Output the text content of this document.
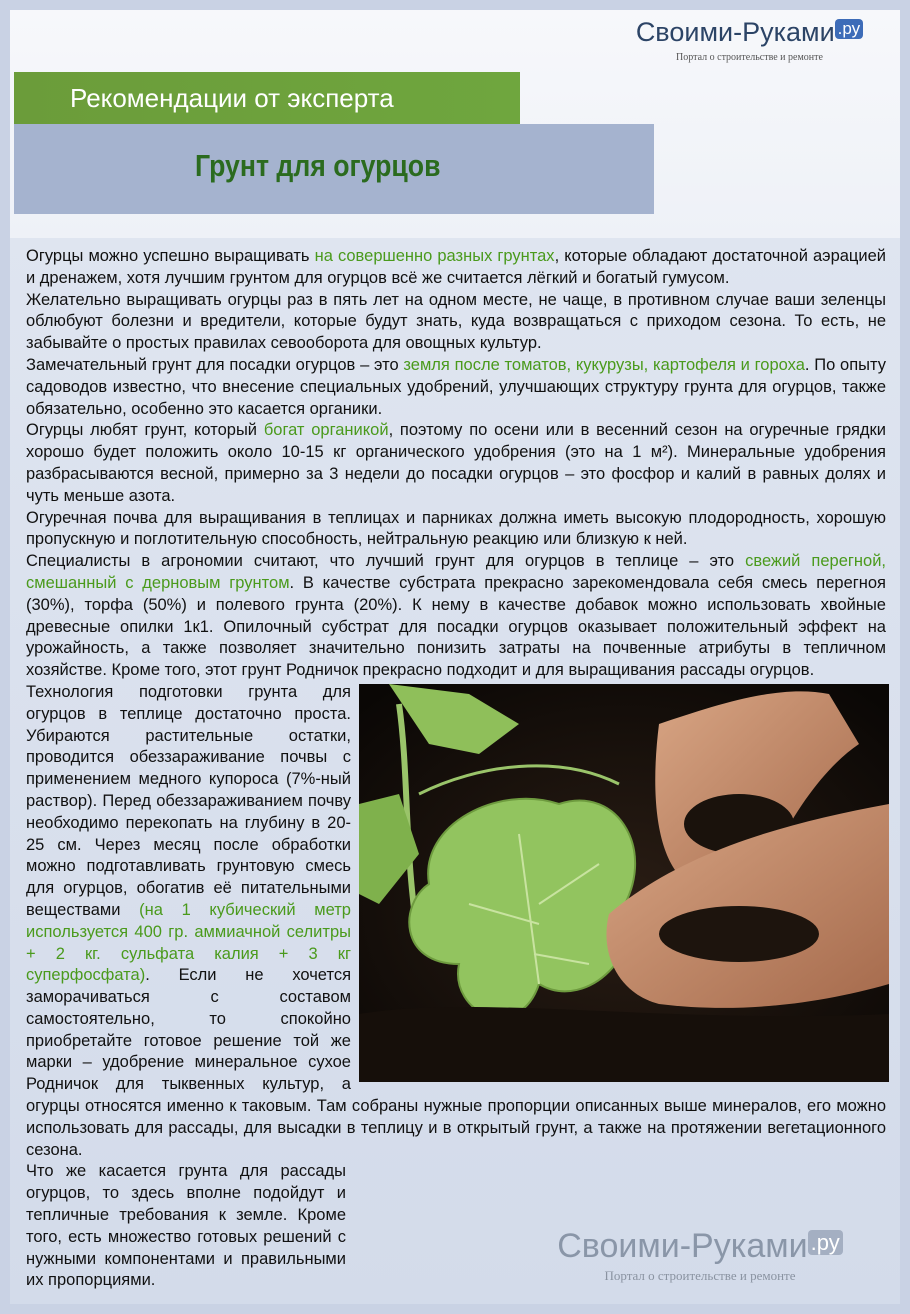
Своими-Руками .ру
Портал о строительстве и ремонте
Рекомендации от эксперта
Грунт для огурцов

Огурцы можно успешно выращивать на совершенно разных грунтах, которые обладают достаточной аэрацией и дренажем, хотя лучшим грунтом для огурцов всё же считается лёгкий и богатый гумусом.

Желательно выращивать огурцы раз в пять лет на одном месте, не чаще, в противном случае ваши зеленцы облюбуют болезни и вредители, которые будут знать, куда возвращаться с приходом сезона. То есть, не забывайте о простых правилах севооборота для овощных культур.

Замечательный грунт для посадки огурцов – это земля после томатов, кукурузы, картофеля и гороха. По опыту садоводов известно, что внесение специальных удобрений, улучшающих структуру грунта для огурцов, также обязательно, особенно это касается органики.

Огурцы любят грунт, который богат органикой, поэтому по осени или в весенний сезон на огуречные грядки хорошо будет положить около 10-15 кг органического удобрения (это на 1 м²). Минеральные удобрения разбрасываются весной, примерно за 3 недели до посадки огурцов – это фосфор и калий в равных долях и чуть меньше азота.

Огуречная почва для выращивания в теплицах и парниках должна иметь высокую плодородность, хорошую пропускную и поглотительную способность, нейтральную реакцию или близкую к ней.

Специалисты в агрономии считают, что лучший грунт для огурцов в теплице – это свежий перегной, смешанный с дерновым грунтом. В качестве субстрата прекрасно зарекомендовала себя смесь перегноя (30%), торфа (50%) и полевого грунта (20%). К нему в качестве добавок можно использовать хвойные древесные опилки 1к1. Опилочный субстрат для посадки огурцов оказывает положительный эффект на урожайность, а также позволяет значительно понизить затраты на почвенные атрибуты в тепличном хозяйстве. Кроме того, этот грунт Родничок прекрасно подходит и для выращивания рассады огурцов.

Технология подготовки грунта для огурцов в теплице достаточно проста. Убираются растительные остатки, проводится обеззараживание почвы с применением медного купороса (7%-ный раствор). Перед обеззараживанием почву необходимо перекопать на глубину в 20-25 см. Через месяц после обработки можно подготавливать грунтовую смесь для огурцов, обогатив её питательными веществами (на 1 кубический метр используется 400 гр. аммиачной селитры + 2 кг. сульфата калия + 3 кг суперфосфата). Если не хочется заморачиваться с составом самостоятельно, то спокойно приобретайте готовое решение той же марки – удобрение минеральное сухое Родничок для тыквенных культур, а огурцы относятся именно к таковым. Там собраны нужные пропорции описанных выше минералов, его можно использовать для рассады, для высадки в теплицу и в открытый грунт, а также на протяжении вегетационного сезона.

Что же касается грунта для рассады огурцов, то здесь вполне подойдут и тепличные требования к земле. Кроме того, есть множество готовых решений с нужными компонентами и правильными их пропорциями.

Своими-Руками .ру
Портал о строительстве и ремонте
